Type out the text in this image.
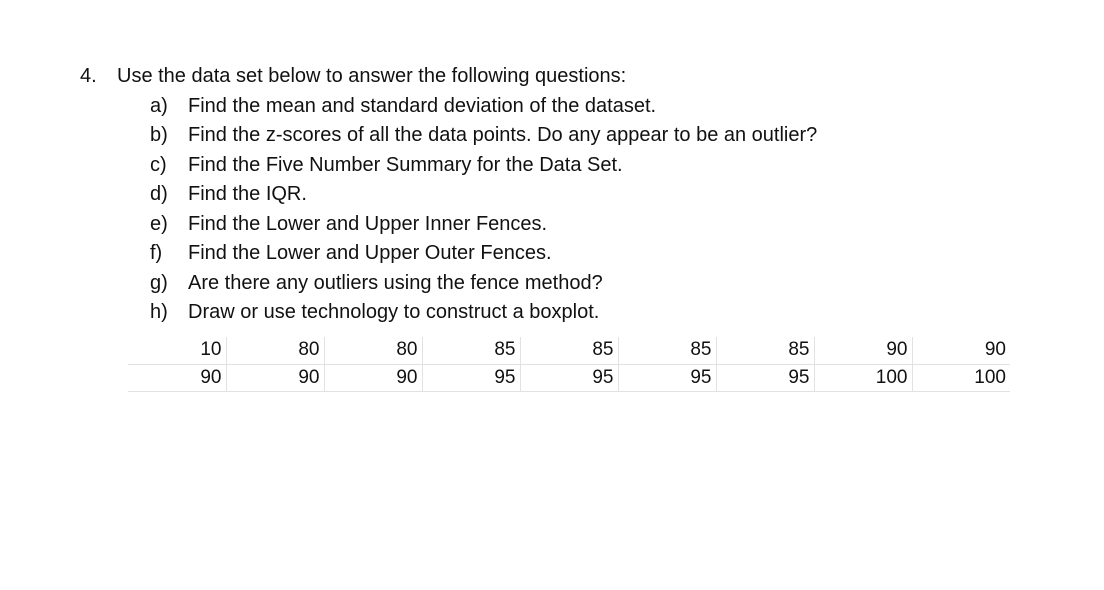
4.	Use the data set below to answer the following questions:
a)	Find the mean and standard deviation of the dataset.
b)	Find the z-scores of all the data points. Do any appear to be an outlier?
c)	Find the Five Number Summary for the Data Set.
d)	Find the IQR.
e)	Find the Lower and Upper Inner Fences.
f)	Find the Lower and Upper Outer Fences.
g)	Are there any outliers using the fence method?
h)	Draw or use technology to construct a boxplot.
10	80	80	85	85	85	85	90	90
90	90	90	95	95	95	95	100	100
